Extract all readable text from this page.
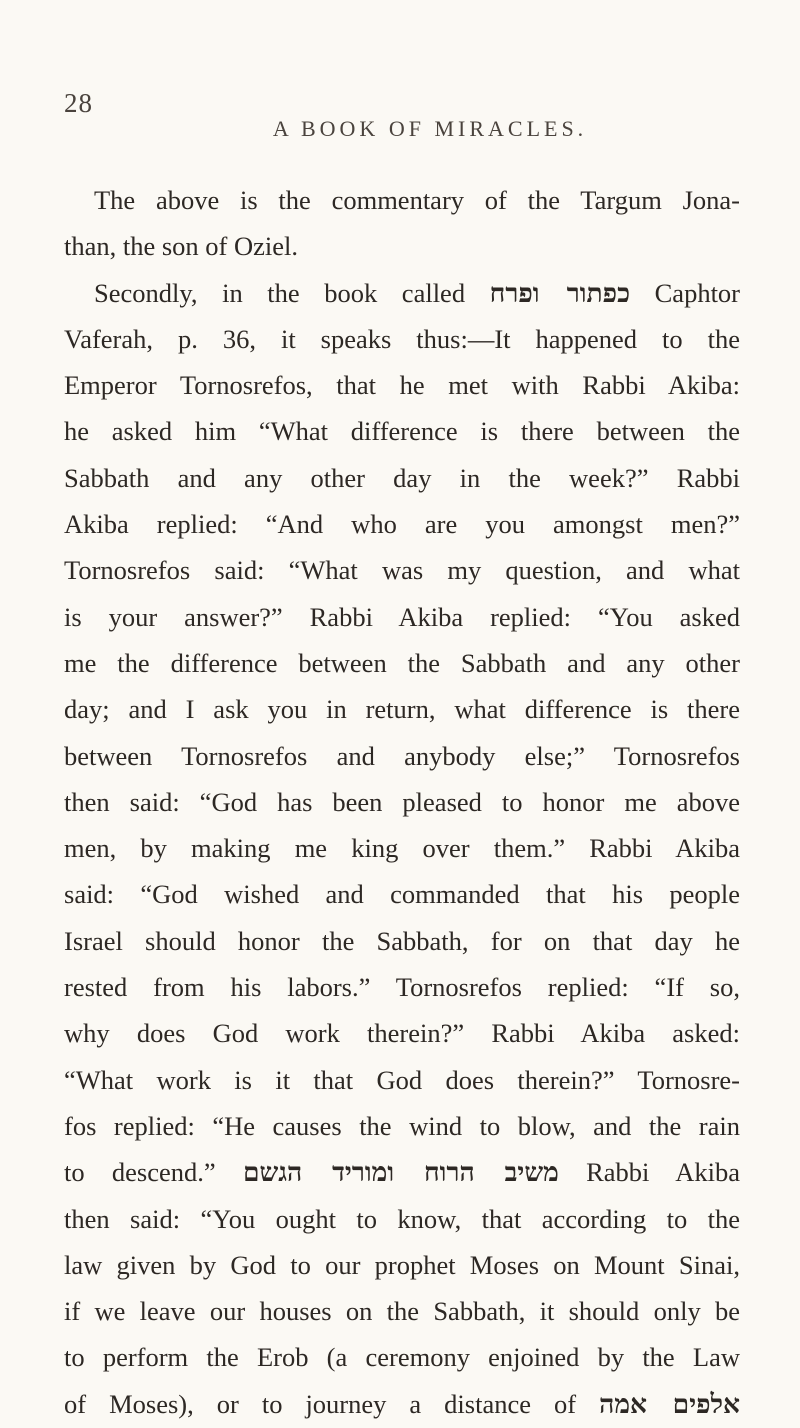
28
A BOOK OF MIRACLES.
The above is the commentary of the Targum Jona-
than, the son of Oziel.
Secondly, in the book called כפתור ופרח Caphtor
Vaferah, p. 36, it speaks thus:—It happened to the
Emperor Tornosrefos, that he met with Rabbi Akiba:
he asked him “What difference is there between the
Sabbath and any other day in the week?” Rabbi
Akiba replied: “And who are you amongst men?”
Tornosrefos said: “What was my question, and what
is your answer?” Rabbi Akiba replied: “You asked
me the difference between the Sabbath and any other
day; and I ask you in return, what difference is there
between Tornosrefos and anybody else;” Tornosrefos
then said: “God has been pleased to honor me above
men, by making me king over them.” Rabbi Akiba
said: “God wished and commanded that his people
Israel should honor the Sabbath, for on that day he
rested from his labors.” Tornosrefos replied: “If so,
why does God work therein?” Rabbi Akiba asked:
“What work is it that God does therein?” Tornosre-
fos replied: “He causes the wind to blow, and the rain
to descend.” משיב הרוח ומוריד הגשם Rabbi Akiba
then said: “You ought to know, that according to the
law given by God to our prophet Moses on Mount Sinai,
if we leave our houses on the Sabbath, it should only be
to perform the Erob (a ceremony enjoined by the Law
of Moses), or to journey a distance of אלפים אמה
